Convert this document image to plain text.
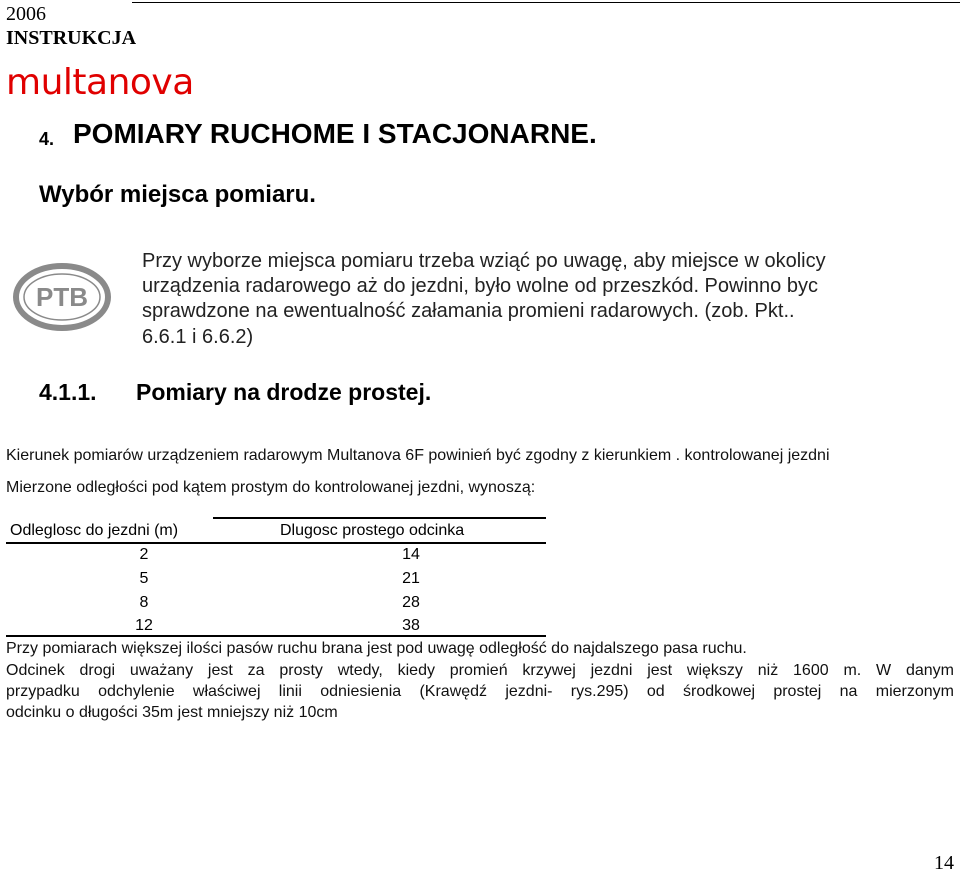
2006
INSTRUKCJA
multanova
4. POMIARY RUCHOME I STACJONARNE.
Wybór miejsca pomiaru.
PTB
Przy wyborze miejsca pomiaru trzeba wziąć po uwagę, aby miejsce w okolicy
urządzenia radarowego aż do jezdni, było wolne od przeszkód. Powinno byc
sprawdzone na ewentualność załamania promieni radarowych. (zob. Pkt..
6.6.1 i 6.6.2)
4.1.1. Pomiary na drodze prostej.
Kierunek pomiarów urządzeniem radarowym Multanova 6F powinień być zgodny z kierunkiem . kontrolowanej jezdni
Mierzone odległości pod kątem prostym do kontrolowanej jezdni, wynoszą:
Odleglosc do jezdni (m)	Dlugosc prostego odcinka
2	14
5	21
8	28
12	38
Przy pomiarach większej ilości pasów ruchu brana jest pod uwagę odległość do najdalszego pasa ruchu.
Odcinek drogi uważany jest za prosty wtedy, kiedy promień krzywej jezdni jest większy niż 1600 m. W danym
przypadku odchylenie właściwej linii odniesienia (Krawędź jezdni- rys.295) od środkowej prostej na mierzonym
odcinku o długości 35m jest mniejszy niż 10cm
14
